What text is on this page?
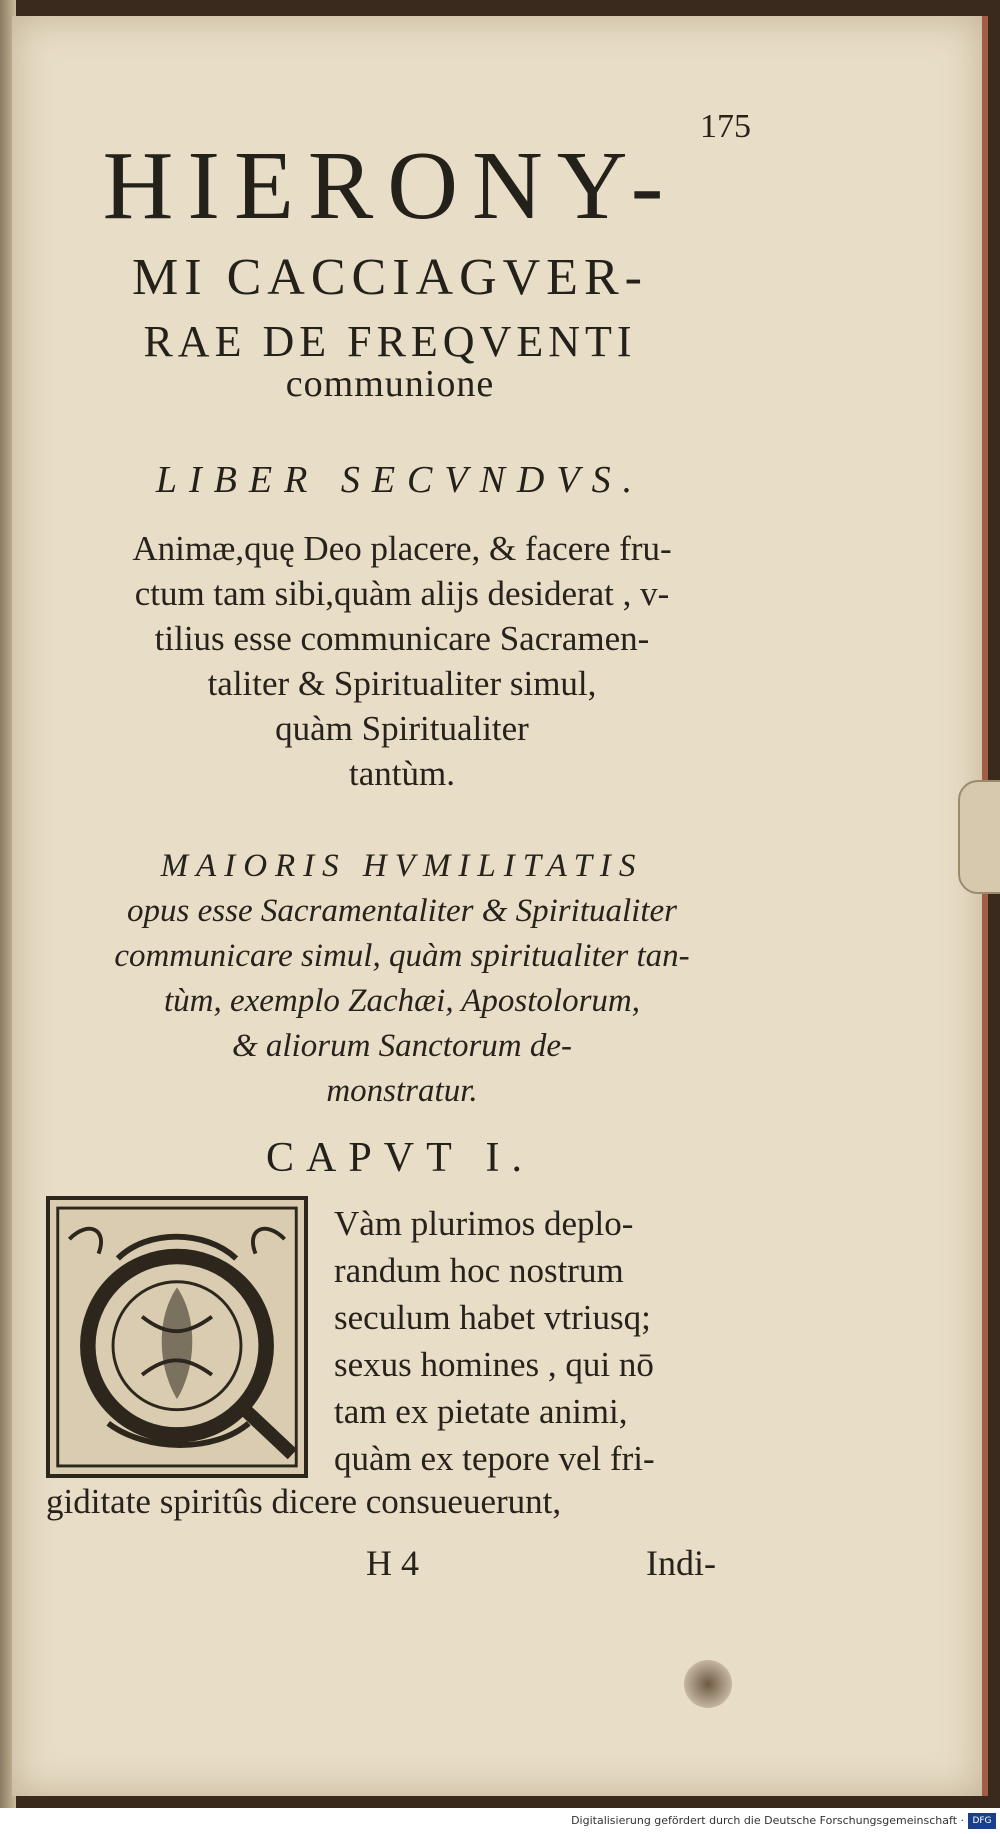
175
HIERONY-
MI CACCIAGVER-
RAE DE FREQVENTI
communione
LIBER SECVNDVS.
Animæ,quę Deo placere, & facere fru-
ctum tam sibi,quàm alijs desiderat , v-
tilius esse communicare Sacramen-
taliter & Spiritualiter simul,
quàm Spiritualiter
tantùm.
MAIORIS HVMILITATIS
opus esse Sacramentaliter & Spiritualiter
communicare simul, quàm spiritualiter tan-
tùm, exemplo Zachæi, Apostolorum,
& aliorum Sanctorum de-
monstratur.
CAPVT I.
Vàm plurimos deplo-
randum hoc nostrum
seculum habet vtriusq;
sexus homines , qui nō
tam ex pietate animi,
quàm ex tepore vel fri-
giditate spiritûs dicere consueuerunt,
H 4	Indi-
Digitalisierung gefördert durch die Deutsche Forschungsgemeinschaft · DFG
